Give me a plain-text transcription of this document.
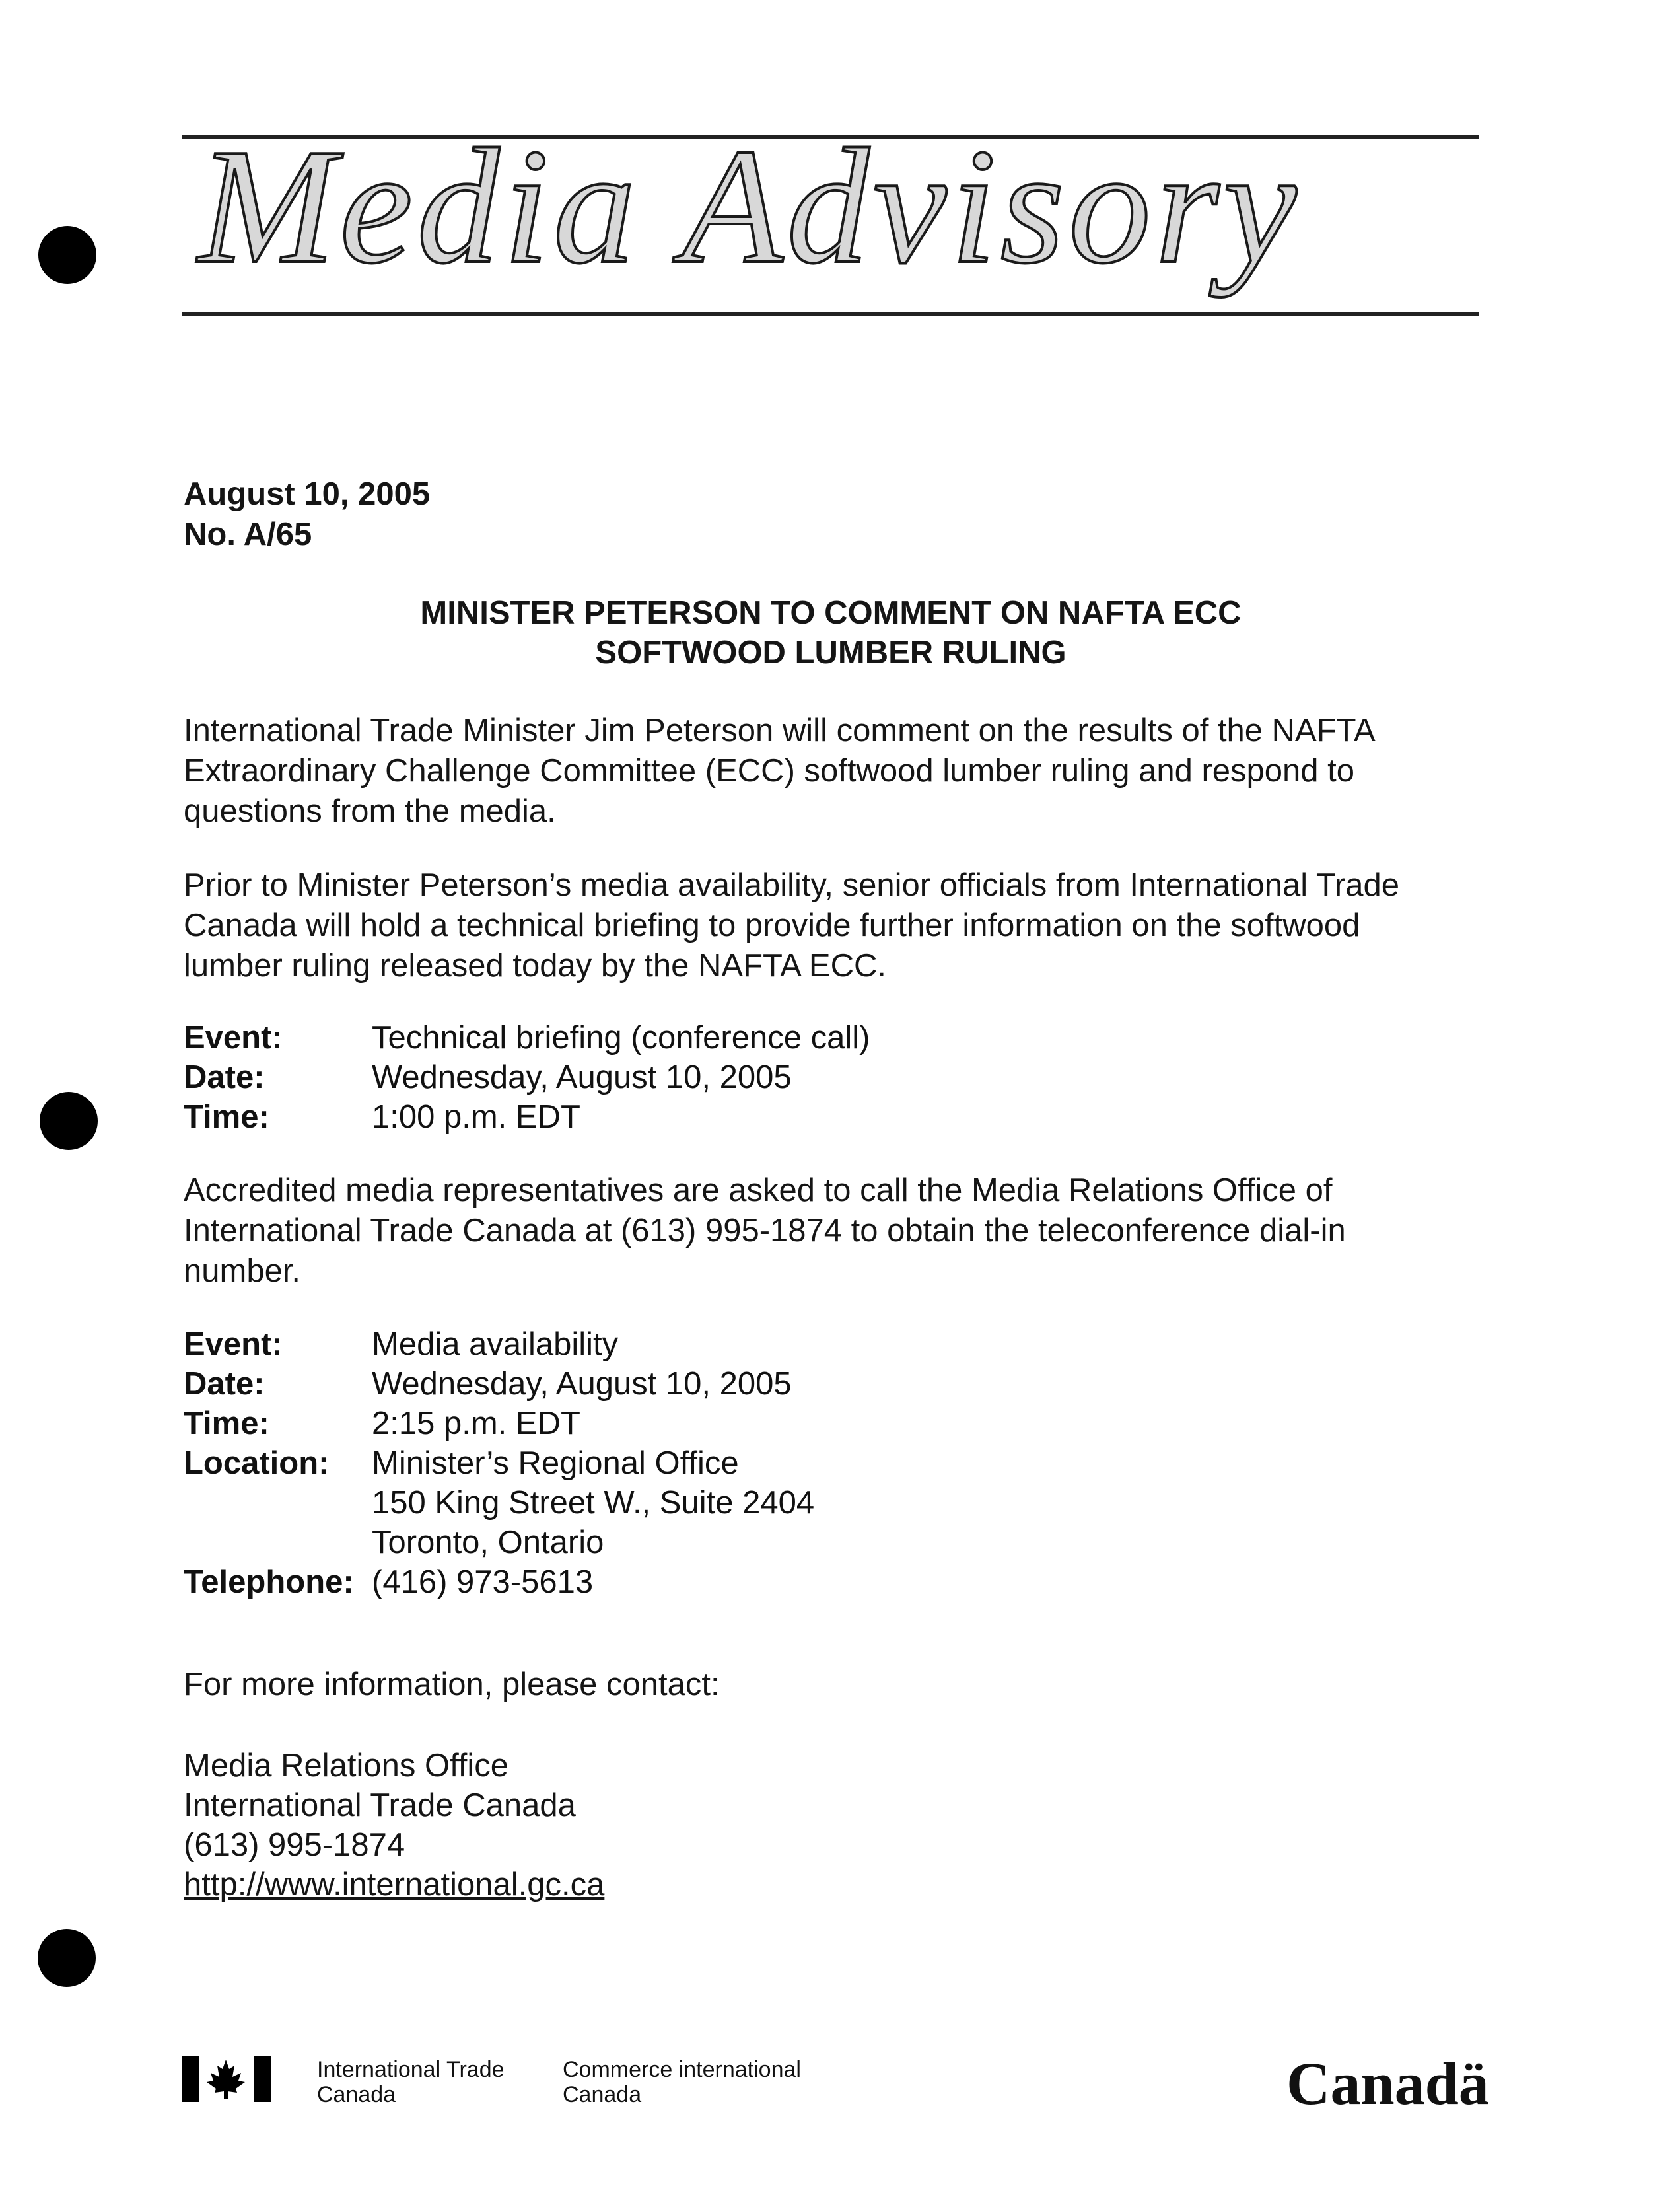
Media Advisory
August 10, 2005
No. A/65
MINISTER PETERSON TO COMMENT ON NAFTA ECC
SOFTWOOD LUMBER RULING
International Trade Minister Jim Peterson will comment on the results of the NAFTA
Extraordinary Challenge Committee (ECC) softwood lumber ruling and respond to
questions from the media.
Prior to Minister Peterson’s media availability, senior officials from International Trade
Canada will hold a technical briefing to provide further information on the softwood
lumber ruling released today by the NAFTA ECC.
Event:	Technical briefing (conference call)
Date:	Wednesday, August 10, 2005
Time:	1:00 p.m. EDT
Accredited media representatives are asked to call the Media Relations Office of
International Trade Canada at (613) 995-1874 to obtain the teleconference dial-in
number.
Event:	Media availability
Date:	Wednesday, August 10, 2005
Time:	2:15 p.m. EDT
Location:	Minister’s Regional Office
150 King Street W., Suite 2404
Toronto, Ontario
Telephone: (416) 973-5613
For more information, please contact:
Media Relations Office
International Trade Canada
(613) 995-1874
http://www.international.gc.ca
International Trade
Canada
Commerce international
Canada	Canadä
